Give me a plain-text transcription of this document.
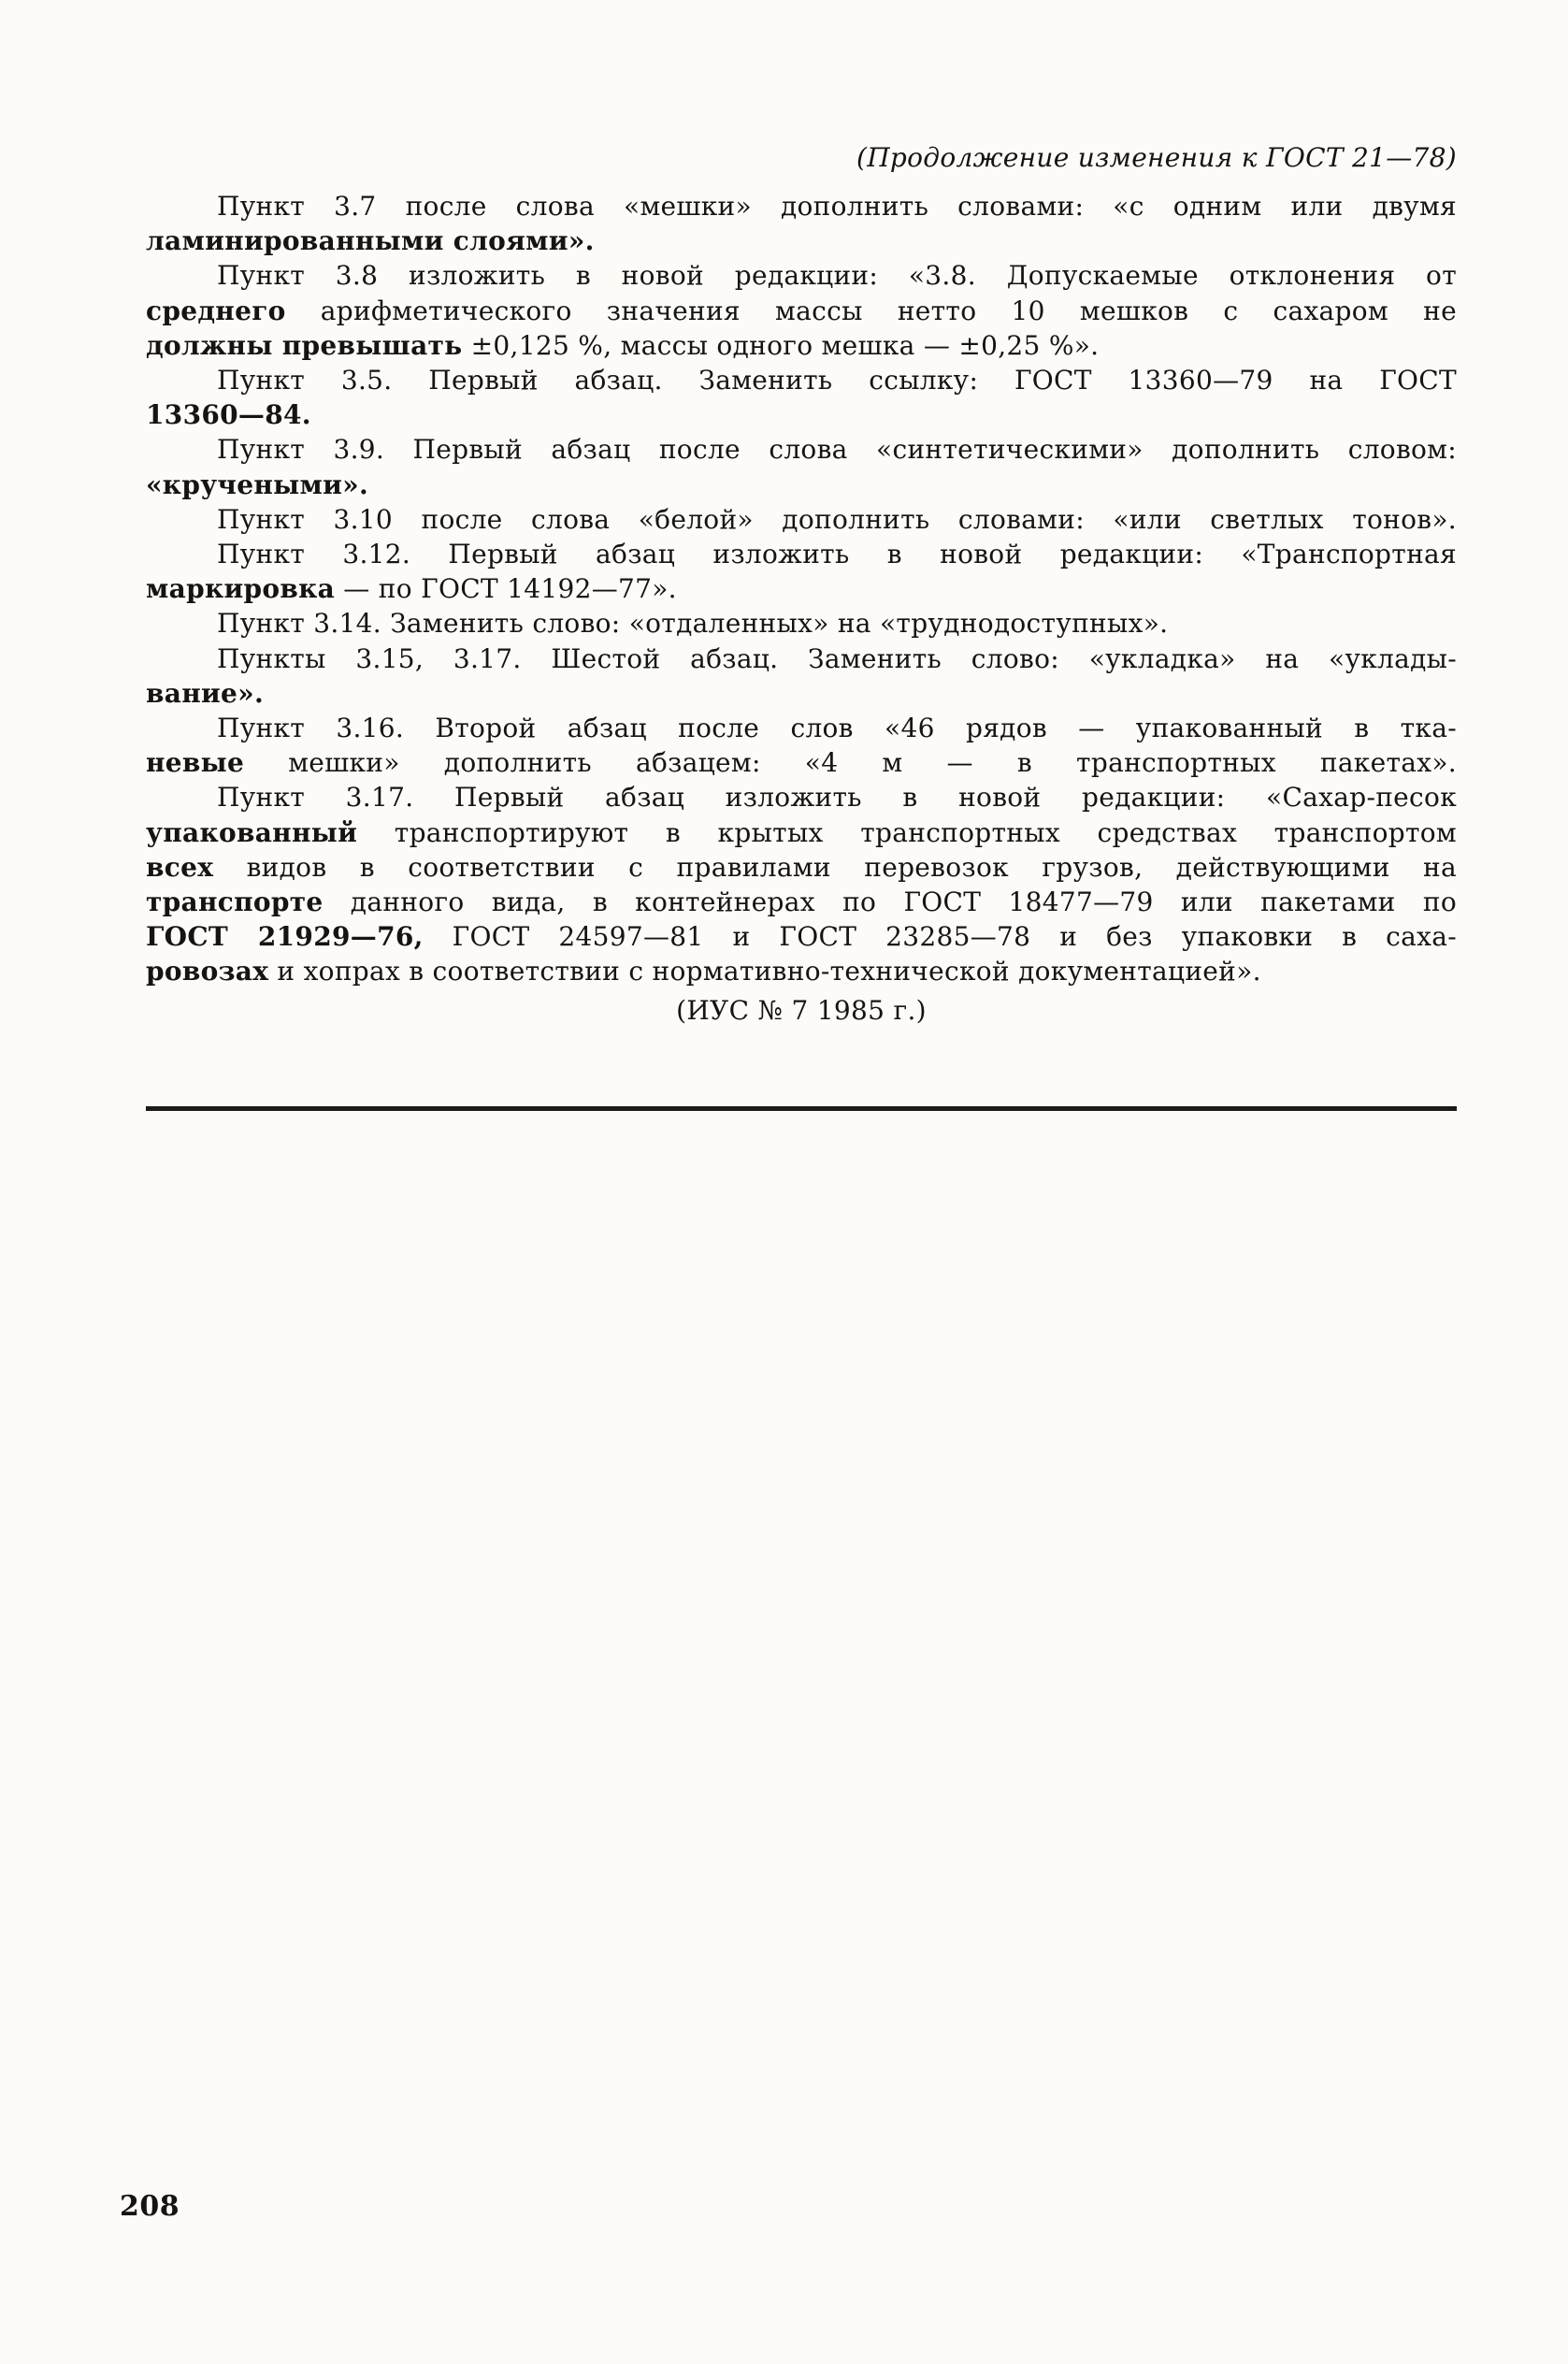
(Продолжение изменения к ГОСТ 21—78)
Пункт 3.7 после слова «мешки» дополнить словами: «с одним или двумя
ламинированными слоями».
Пункт 3.8 изложить в новой редакции: «3.8. Допускаемые отклонения от
среднего арифметического значения массы нетто 10 мешков с сахаром не
должны превышать ±0,125 %, массы одного мешка — ±0,25 %».
Пункт 3.5. Первый абзац. Заменить ссылку: ГОСТ 13360—79 на ГОСТ
13360—84.
Пункт 3.9. Первый абзац после слова «синтетическими» дополнить словом:
«кручеными».
Пункт 3.10 после слова «белой» дополнить словами: «или светлых тонов».
Пункт 3.12. Первый абзац изложить в новой редакции: «Транспортная
маркировка — по ГОСТ 14192—77».
Пункт 3.14. Заменить слово: «отдаленных» на «труднодоступных».
Пункты 3.15, 3.17. Шестой абзац. Заменить слово: «укладка» на «уклады-
вание».
Пункт 3.16. Второй абзац после слов «46 рядов — упакованный в тка-
невые мешки» дополнить абзацем: «4 м — в транспортных пакетах».
Пункт 3.17. Первый абзац изложить в новой редакции: «Сахар-песок
упакованный транспортируют в крытых транспортных средствах транспортом
всех видов в соответствии с правилами перевозок грузов, действующими на
транспорте данного вида, в контейнерах по ГОСТ 18477—79 или пакетами по
ГОСТ 21929—76, ГОСТ 24597—81 и ГОСТ 23285—78 и без упаковки в саха-
ровозах и хопрах в соответствии с нормативно-технической документацией».
(ИУС № 7 1985 г.)
208
